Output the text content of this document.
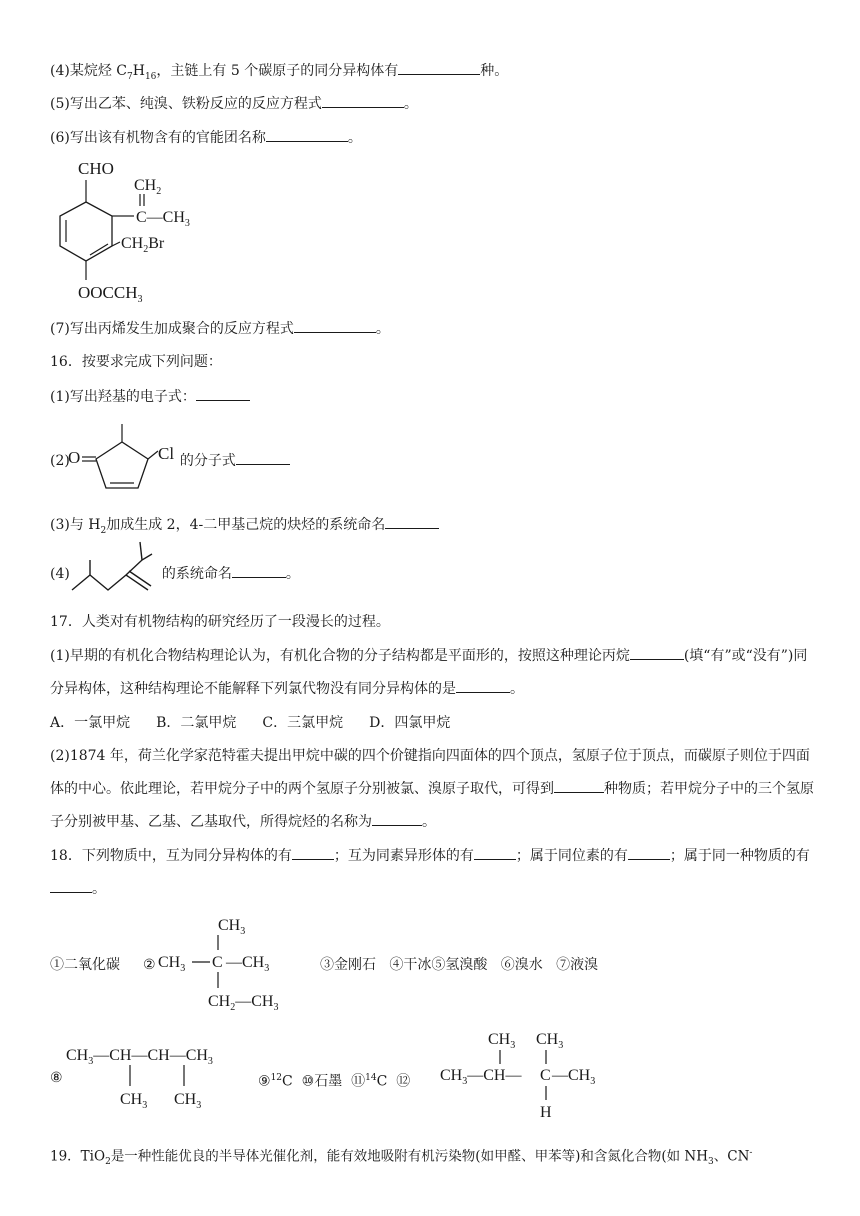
(4)某烷烃 $C_7H_{16}$，主链上有 5 个碳原子的同分异构体有	种。
(5)写出乙苯、纯溴、铁粉反应的反应方程式	。
(6)写出该有机物含有的官能团名称	。
CHO
$CH_2$
$C—CH_3$
$CH_2Br$
$OOCCH_3$
(7)写出丙烯发生加成聚合的反应方程式	。
16．按要求完成下列问题：
(1)写出羟基的电子式：
(2)	的分子式
O	Cl
(3)与 $H_2$加成生成 2，4-二甲基己烷的炔烃的系统命名
(4)	的系统命名	。
17．人类对有机物结构的研究经历了一段漫长的过程。
(1)早期的有机化合物结构理论认为，有机化合物的分子结构都是平面形的，按照这种理论丙烷	(填“有”或“没有”)同分异构体，这种结构理论不能解释下列氯代物没有同分异构体的是	。
A．一氯甲烷 B．二氯甲烷 C．三氯甲烷 D．四氯甲烷
(2)1874 年，荷兰化学家范特霍夫提出甲烷中碳的四个价键指向四面体的四个顶点，氢原子位于顶点，而碳原子则位于四面体的中心。依此理论，若甲烷分子中的两个氢原子分别被氯、溴原子取代，可得到	种物质；若甲烷分子中的三个氢原子分别被甲基、乙基、乙基取代，所得烷烃的名称为	。
18．下列物质中，互为同分异构体的有	；互为同素异形体的有	；属于同位素的有	；属于同一种物质的有。
①二氧化碳 ②
$CH_3$
$CH_3$ C $—CH_3$
$CH_2—CH_3$
③金刚石 ④干冰⑤氢溴酸 ⑥溴水 ⑦液溴
⑧
$CH_3—CH—CH—CH_3$
$CH_3$ $CH_3$
⑨$^{12}$C ⑩石墨 ⑪$^{14}$C ⑫
$CH_3$ $CH_3$
$CH_3—CH—$ C $—CH_3$
H
19．TiO$_2$是一种性能优良的半导体光催化剂，能有效地吸附有机污染物(如甲醛、甲苯等)和含氮化合物(如 $NH_3$、CN-
